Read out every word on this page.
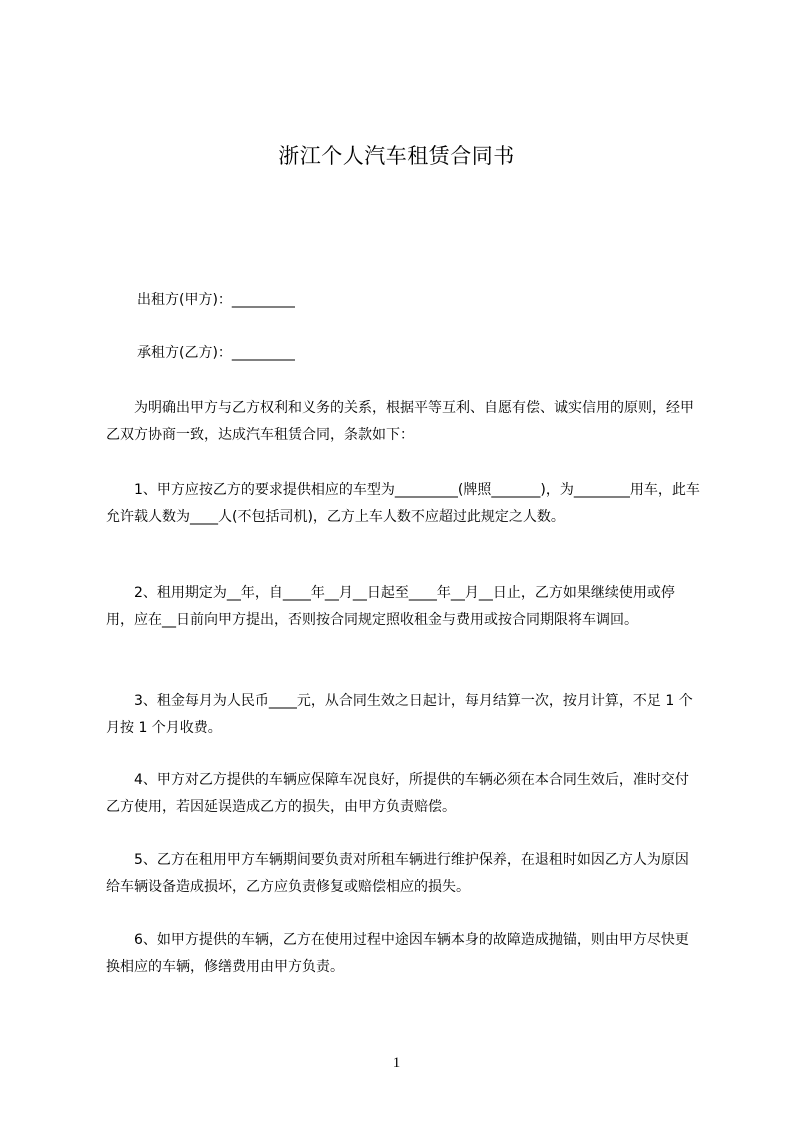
浙江个人汽车租赁合同书
出租方(甲方)：_________
承租方(乙方)：_________
为明确出甲方与乙方权利和义务的关系，根据平等互利、自愿有偿、诚实信用的原则，经甲乙双方协商一致，达成汽车租赁合同，条款如下：
1、甲方应按乙方的要求提供相应的车型为_________(牌照_______)，为________用车，此车允许载人数为____人(不包括司机)，乙方上车人数不应超过此规定之人数。
2、租用期定为__年，自____年__月__日起至____年__月__日止，乙方如果继续使用或停用，应在__日前向甲方提出，否则按合同规定照收租金与费用或按合同期限将车调回。
3、租金每月为人民币____元，从合同生效之日起计，每月结算一次，按月计算，不足 1 个月按 1 个月收费。
4、甲方对乙方提供的车辆应保障车况良好，所提供的车辆必须在本合同生效后，准时交付乙方使用，若因延误造成乙方的损失，由甲方负责赔偿。
5、乙方在租用甲方车辆期间要负责对所租车辆进行维护保养，在退租时如因乙方人为原因给车辆设备造成损坏，乙方应负责修复或赔偿相应的损失。
6、如甲方提供的车辆，乙方在使用过程中途因车辆本身的故障造成抛锚，则由甲方尽快更换相应的车辆，修缮费用由甲方负责。
1
